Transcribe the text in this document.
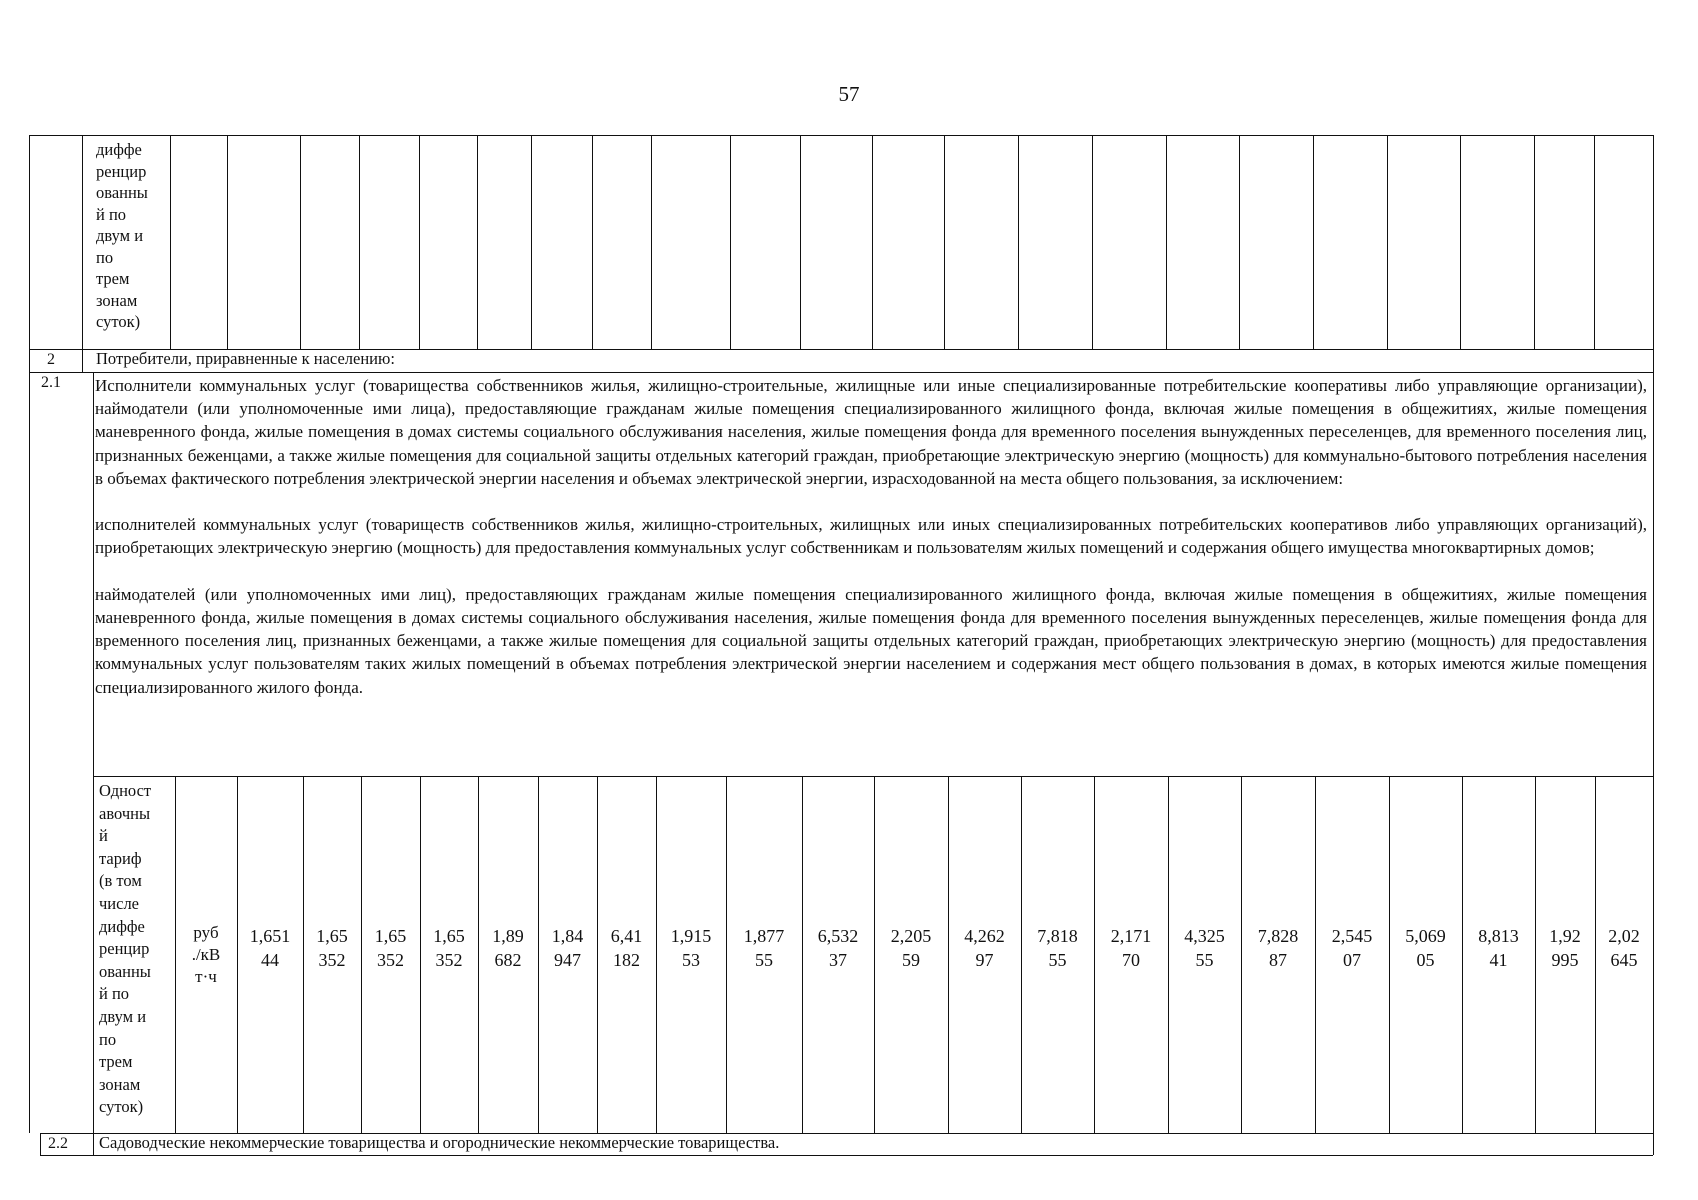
57
диффе
ренцир
ованны
й по
двум и
по
трем
зонам
суток)
2 Потребители, приравненные к населению:
2.1 Исполнители коммунальных услуг (товарищества собственников жилья, жилищно-строительные, жилищные или иные специализированные потребительские кооперативы либо управляющие организации), наймодатели (или уполномоченные ими лица), предоставляющие гражданам жилые помещения специализированного жилищного фонда, включая жилые помещения в общежитиях, жилые помещения маневренного фонда, жилые помещения в домах системы социального обслуживания населения, жилые помещения фонда для временного поселения вынужденных переселенцев, для временного поселения лиц, признанных беженцами, а также жилые помещения для социальной защиты отдельных категорий граждан, приобретающие электрическую энергию (мощность) для коммунально-бытового потребления населения в объемах фактического потребления электрической энергии населения и объемах электрической энергии, израсходованной на места общего пользования, за исключением:

исполнителей коммунальных услуг (товариществ собственников жилья, жилищно-строительных, жилищных или иных специализированных потребительских кооперативов либо управляющих организаций), приобретающих электрическую энергию (мощность) для предоставления коммунальных услуг собственникам и пользователям жилых помещений и содержания общего имущества многоквартирных домов;

наймодателей (или уполномоченных ими лиц), предоставляющих гражданам жилые помещения специализированного жилищного фонда, включая жилые помещения в общежитиях, жилые помещения маневренного фонда, жилые помещения в домах системы социального обслуживания населения, жилые помещения фонда для временного поселения вынужденных переселенцев, жилые помещения фонда для временного поселения лиц, признанных беженцами, а также жилые помещения для социальной защиты отдельных категорий граждан, приобретающих электрическую энергию (мощность) для предоставления коммунальных услуг пользователям таких жилых помещений в объемах потребления электрической энергии населением и содержания мест общего пользования в домах, в которых имеются жилые помещения специализированного жилого фонда.

Одност
авочны
й
тариф
(в том
числе
диффе
ренцир
ованны
й по
двум и
по
трем
зонам
суток)
руб
./кВ
т·ч
1,651
44
1,65
352
1,65
352
1,65
352
1,89
682
1,84
947
6,41
182
1,915
53
1,877
55
6,532
37
2,205
59
4,262
97
7,818
55
2,171
70
4,325
55
7,828
87
2,545
07
5,069
05
8,813
41
1,92
995
2,02
645
2.2 Садоводческие некоммерческие товарищества и огороднические некоммерческие товарищества.
